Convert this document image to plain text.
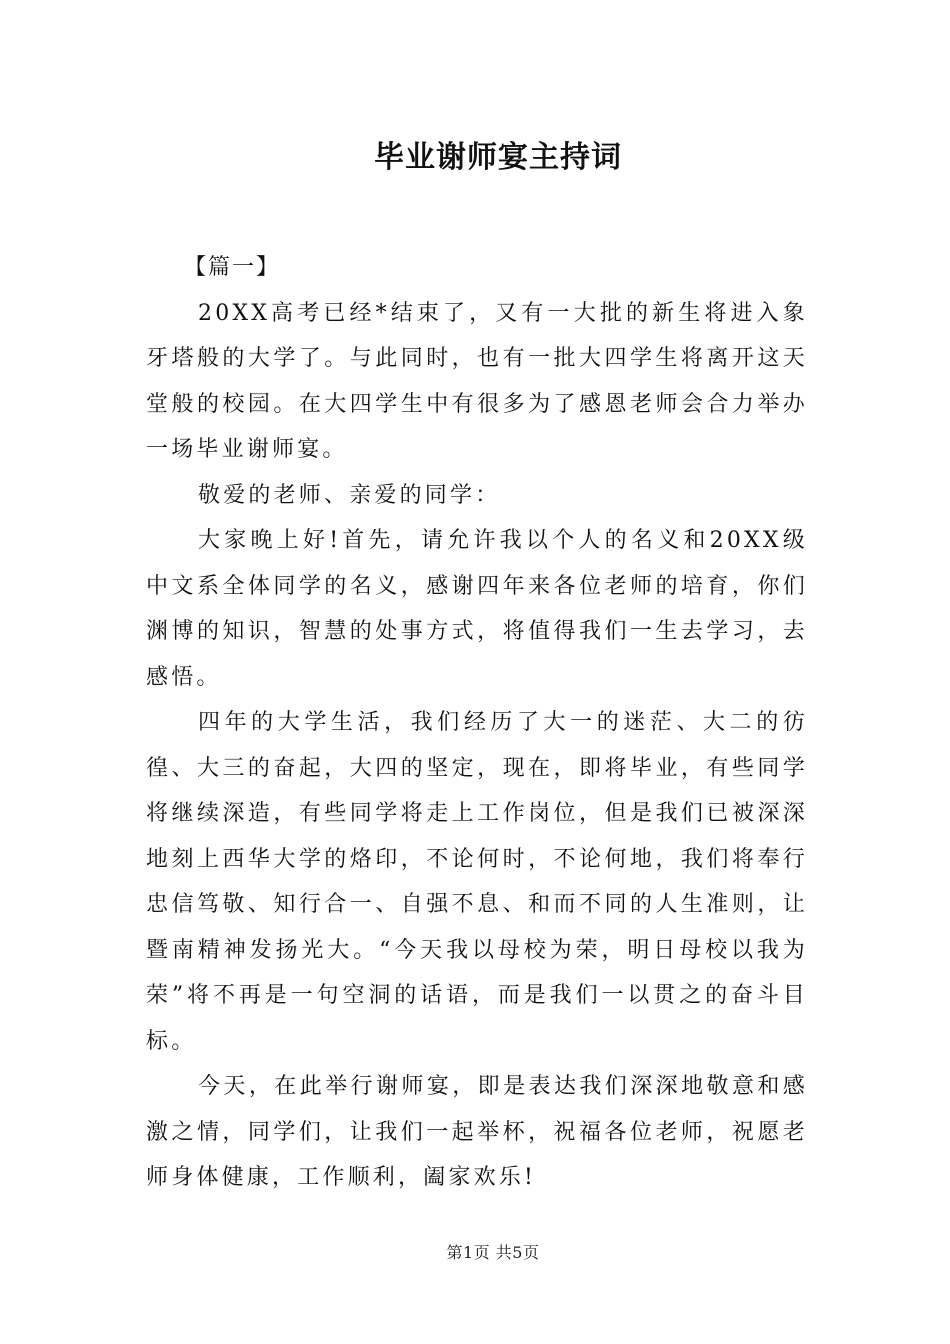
毕业谢师宴主持词

【篇一】

20XX高考已经*结束了，又有一大批的新生将进入象牙塔般的大学了。与此同时，也有一批大四学生将离开这天堂般的校园。在大四学生中有很多为了感恩老师会合力举办一场毕业谢师宴。

敬爱的老师、亲爱的同学：

大家晚上好!首先，请允许我以个人的名义和20XX级中文系全体同学的名义，感谢四年来各位老师的培育，你们渊博的知识，智慧的处事方式，将值得我们一生去学习，去感悟。

四年的大学生活，我们经历了大一的迷茫、大二的彷徨、大三的奋起，大四的坚定，现在，即将毕业，有些同学将继续深造，有些同学将走上工作岗位，但是我们已被深深地刻上西华大学的烙印，不论何时，不论何地，我们将奉行忠信笃敬、知行合一、自强不息、和而不同的人生准则，让暨南精神发扬光大。“今天我以母校为荣，明日母校以我为荣”将不再是一句空洞的话语，而是我们一以贯之的奋斗目标。

今天，在此举行谢师宴，即是表达我们深深地敬意和感激之情，同学们，让我们一起举杯，祝福各位老师，祝愿老师身体健康，工作顺利，阖家欢乐!

第1页 共5页
